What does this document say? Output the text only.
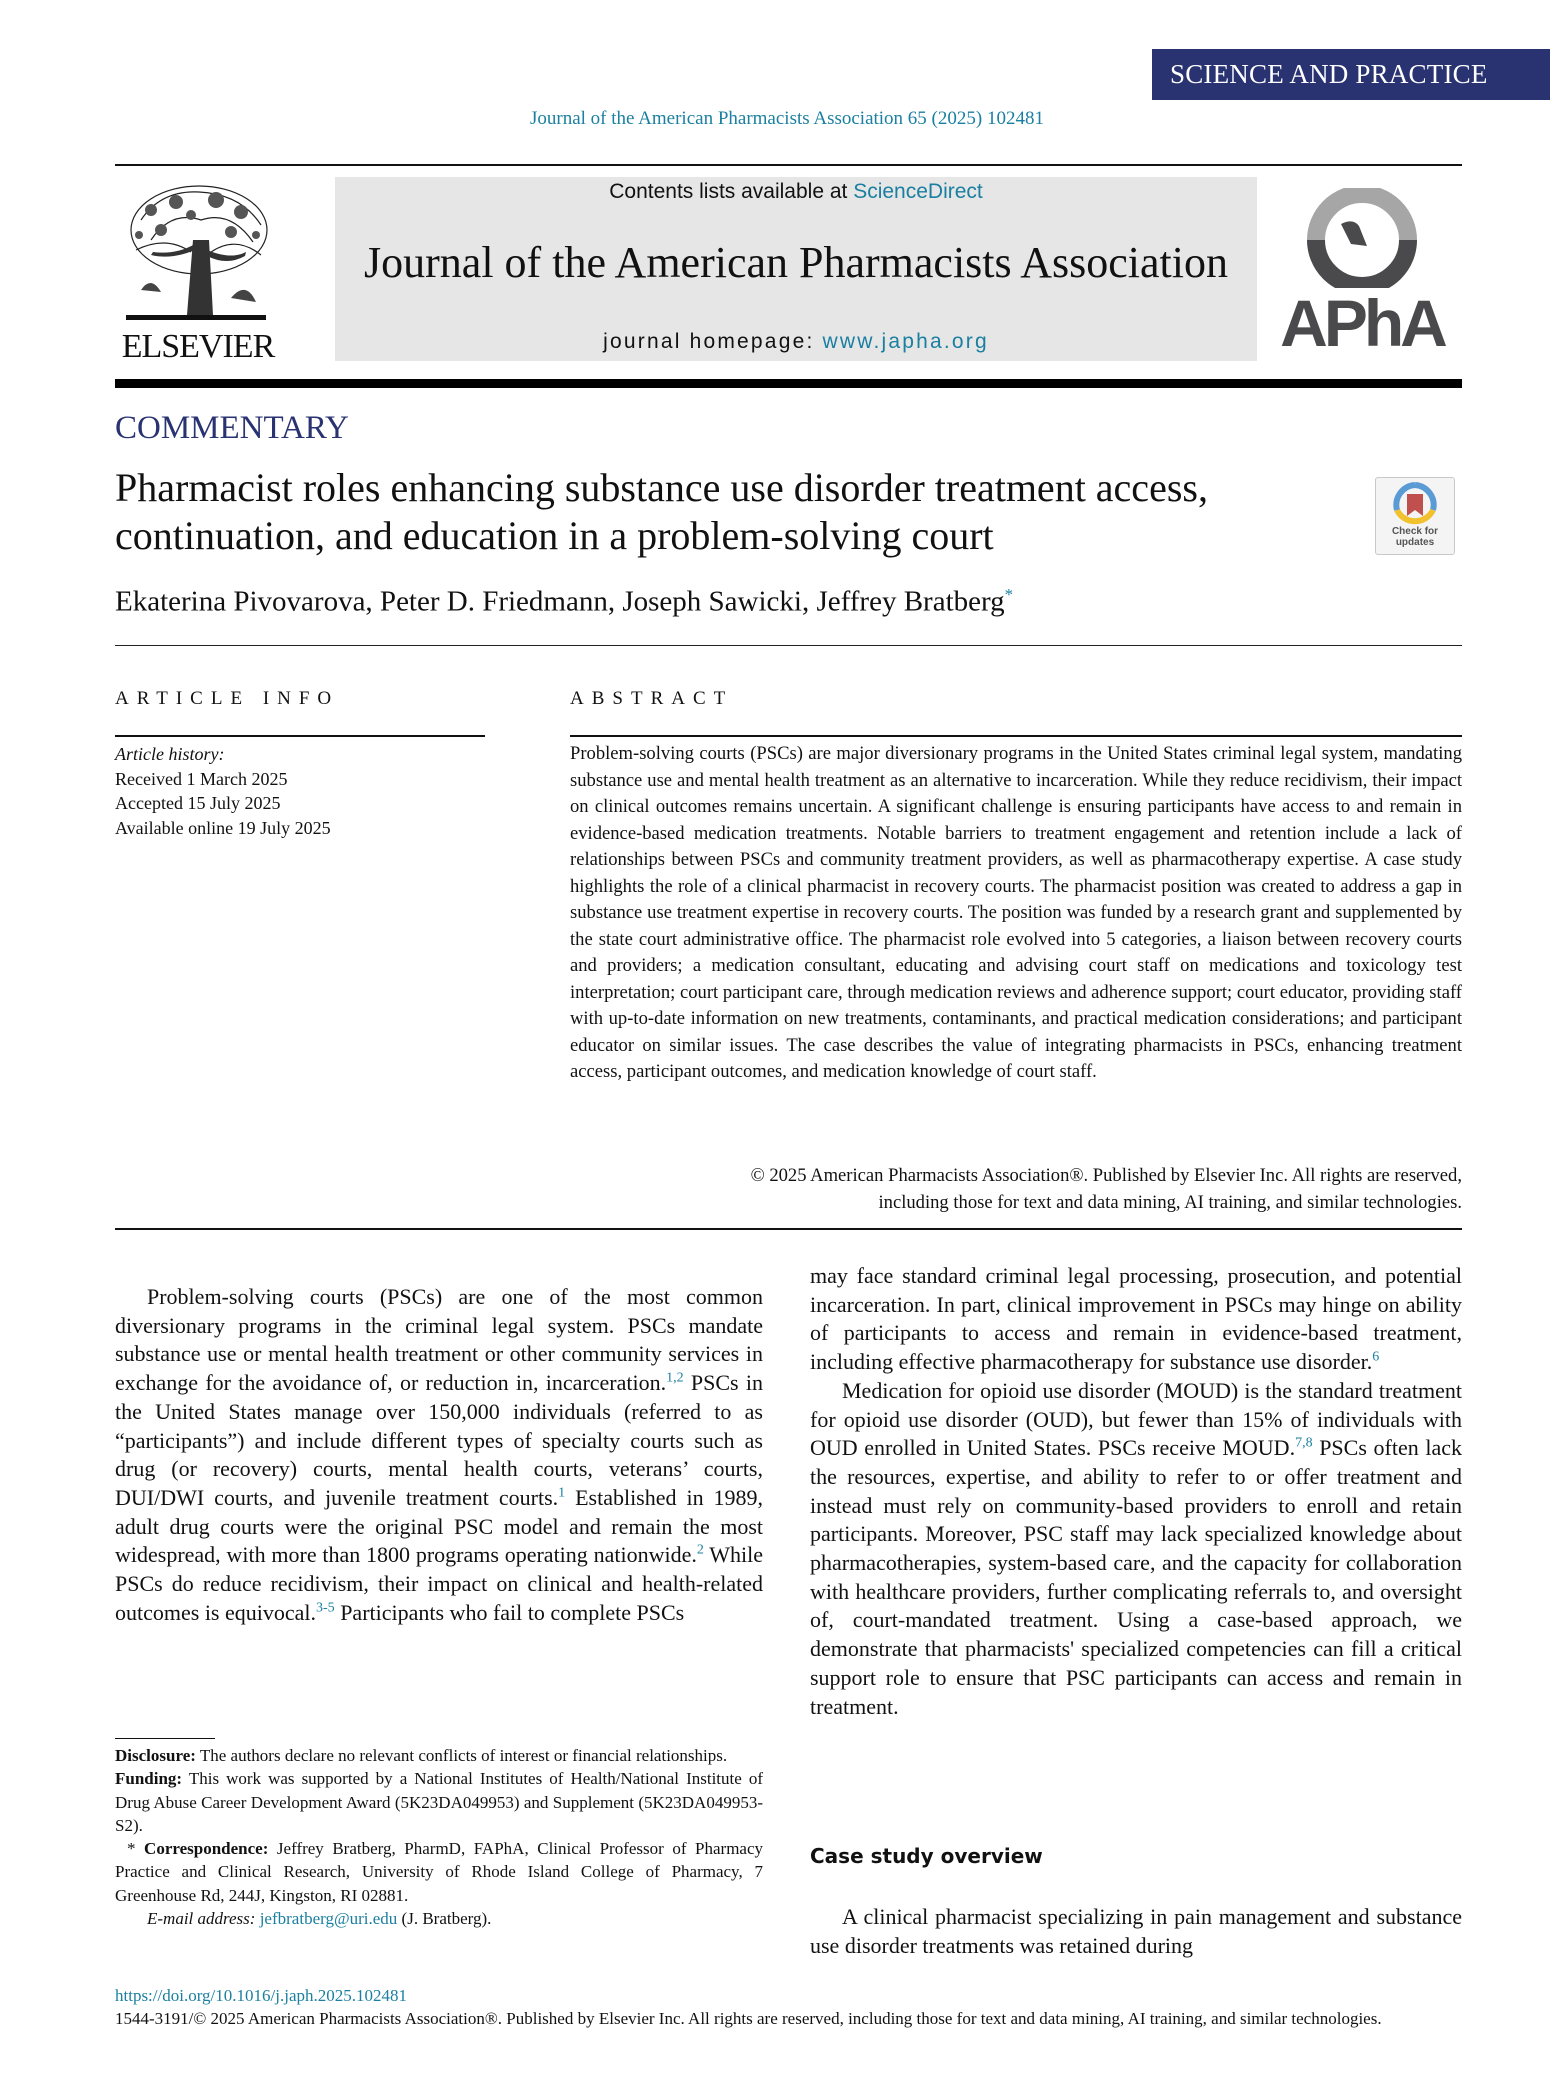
SCIENCE AND PRACTICE
Journal of the American Pharmacists Association 65 (2025) 102481
ELSEVIER
Contents lists available at ScienceDirect
Journal of the American Pharmacists Association
journal homepage: www.japha.org	APhA
COMMENTARY
Pharmacist roles enhancing substance use disorder treatment access, continuation, and education in a problem-solving court	Check for
updates
Ekaterina Pivovarova, Peter D. Friedmann, Joseph Sawicki, Jeffrey Bratberg*
ARTICLE INFO
Article history:
Received 1 March 2025
Accepted 15 July 2025
Available online 19 July 2025
ABSTRACT
Problem-solving courts (PSCs) are major diversionary programs in the United States criminal legal system, mandating substance use and mental health treatment as an alternative to incarceration. While they reduce recidivism, their impact on clinical outcomes remains uncertain. A significant challenge is ensuring participants have access to and remain in evidence-based medication treatments. Notable barriers to treatment engagement and retention include a lack of relationships between PSCs and community treatment providers, as well as pharmacotherapy expertise. A case study highlights the role of a clinical pharmacist in recovery courts. The pharmacist position was created to address a gap in substance use treatment expertise in recovery courts. The position was funded by a research grant and supplemented by the state court administrative office. The pharmacist role evolved into 5 categories, a liaison between recovery courts and providers; a medication consultant, educating and advising court staff on medications and toxicology test interpretation; court participant care, through medication reviews and adherence support; court educator, providing staff with up-to-date information on new treatments, contaminants, and practical medication considerations; and participant educator on similar issues. The case describes the value of integrating pharmacists in PSCs, enhancing treatment access, participant outcomes, and medication knowledge of court staff.
© 2025 American Pharmacists Association®. Published by Elsevier Inc. All rights are reserved,
including those for text and data mining, AI training, and similar technologies.

Problem-solving courts (PSCs) are one of the most common diversionary programs in the criminal legal system. PSCs mandate substance use or mental health treatment or other community services in exchange for the avoidance of, or reduction in, incarceration.$^{1,2}$ PSCs in the United States manage over 150,000 individuals (referred to as “participants”) and include different types of specialty courts such as drug (or recovery) courts, mental health courts, veterans’ courts, DUI/DWI courts, and juvenile treatment courts.$^1$ Established in 1989, adult drug courts were the original PSC model and remain the most widespread, with more than 1800 programs operating nationwide.$^2$ While PSCs do reduce recidivism, their impact on clinical and health-related outcomes is equivocal.$^{3-5}$ Participants who fail to complete PSCs

Disclosure: The authors declare no relevant conflicts of interest or financial relationships.
Funding: This work was supported by a National Institutes of Health/National Institute of Drug Abuse Career Development Award (5K23DA049953) and Supplement (5K23DA049953-S2).
* Correspondence: Jeffrey Bratberg, PharmD, FAPhA, Clinical Professor of Pharmacy Practice and Clinical Research, University of Rhode Island College of Pharmacy, 7 Greenhouse Rd, 244J, Kingston, RI 02881.
E-mail address: jefbratberg@uri.edu (J. Bratberg).

may face standard criminal legal processing, prosecution, and potential incarceration. In part, clinical improvement in PSCs may hinge on ability of participants to access and remain in evidence-based treatment, including effective pharmacotherapy for substance use disorder.$^6$

Medication for opioid use disorder (MOUD) is the standard treatment for opioid use disorder (OUD), but fewer than 15% of individuals with OUD enrolled in United States. PSCs receive MOUD.$^{7,8}$ PSCs often lack the resources, expertise, and ability to refer to or offer treatment and instead must rely on community-based providers to enroll and retain participants. Moreover, PSC staff may lack specialized knowledge about pharmacotherapies, system-based care, and the capacity for collaboration with healthcare providers, further complicating referrals to, and oversight of, court-mandated treatment. Using a case-based approach, we demonstrate that pharmacists' specialized competencies can fill a critical support role to ensure that PSC participants can access and remain in treatment.

Case study overview

A clinical pharmacist specializing in pain management and substance use disorder treatments was retained during

https://doi.org/10.1016/j.japh.2025.102481
1544-3191/© 2025 American Pharmacists Association®. Published by Elsevier Inc. All rights are reserved, including those for text and data mining, AI training, and similar technologies.
